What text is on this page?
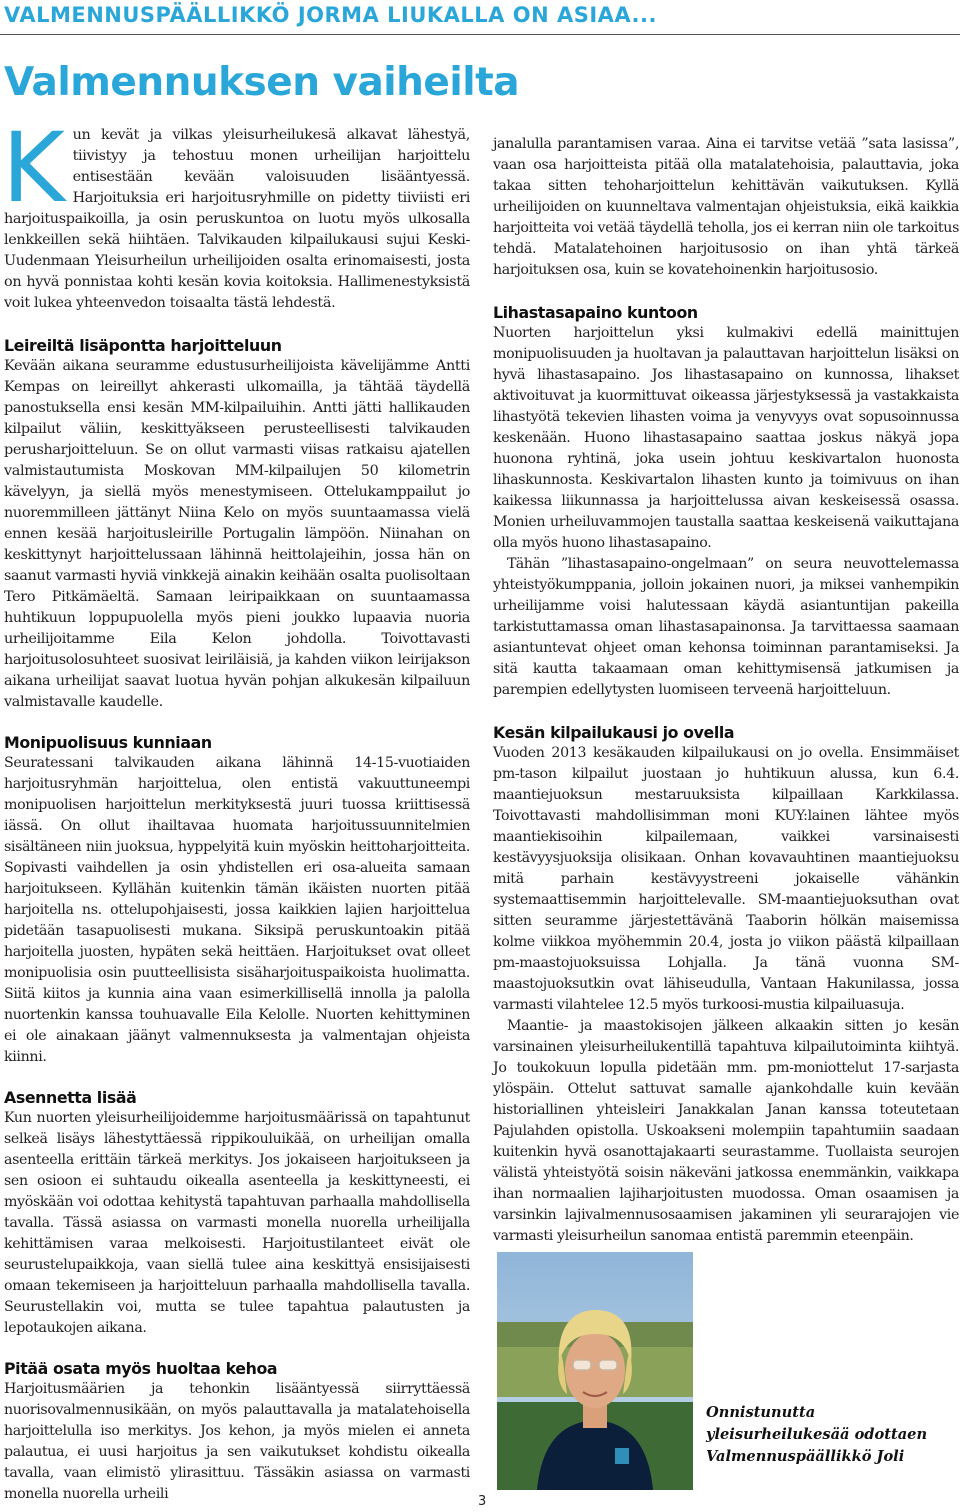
VALMENNUSPÄÄLLIKKÖ JORMA LIUKALLA ON ASIAA...
Valmennuksen vaiheilta

Kun kevät ja vilkas yleisurheilukesä alkavat lähestyä, tiivistyy ja tehostuu monen urheilijan harjoittelu entisestään kevään valoisuuden lisääntyessä. Harjoituksia eri harjoitusryhmille on pidetty tiiviisti eri harjoituspaikoilla, ja osin peruskuntoa on luotu myös ulkosalla lenkkeillen sekä hiihtäen. Talvikauden kilpailukausi sujui Keski-Uudenmaan Yleisurheilun urheilijoiden osalta erinomaisesti, josta on hyvä ponnistaa kohti kesän kovia koitoksia. Hallimenestyksistä voit lukea yhteenvedon toisaalta tästä lehdestä.

Leireiltä lisäpontta harjoitteluun

Kevään aikana seuramme edustusurheilijoista kävelijämme Antti Kempas on leireillyt ahkerasti ulkomailla, ja tähtää täydellä panostuksella ensi kesän MM-kilpailuihin. Antti jätti hallikauden kilpailut väliin, keskittyäkseen perusteellisesti talvikauden perusharjoitteluun. Se on ollut varmasti viisas ratkaisu ajatellen valmistautumista Moskovan MM-kilpailujen 50 kilometrin kävelyyn, ja siellä myös menestymiseen. Ottelukamppailut jo nuoremmilleen jättänyt Niina Kelo on myös suuntaamassa vielä ennen kesää harjoitusleirille Portugalin lämpöön. Niinahan on keskittynyt harjoittelussaan lähinnä heittolajeihin, jossa hän on saanut varmasti hyviä vinkkejä ainakin keihään osalta puolisoltaan Tero Pitkämäeltä. Samaan leiripaikkaan on suuntaamassa huhtikuun loppupuolella myös pieni joukko lupaavia nuoria urheilijoitamme Eila Kelon johdolla. Toivottavasti harjoitusolosuhteet suosivat leiriläisiä, ja kahden viikon leirijakson aikana urheilijat saavat luotua hyvän pohjan alkukesän kilpailuun valmistavalle kaudelle.

Monipuolisuus kunniaan

Seuratessani talvikauden aikana lähinnä 14-15-vuotiaiden harjoitusryhmän harjoittelua, olen entistä vakuuttuneempi monipuolisen harjoittelun merkityksestä juuri tuossa kriittisessä iässä. On ollut ihailtavaa huomata harjoitussuunnitelmien sisältäneen niin juoksua, hyppelyitä kuin myöskin heittoharjoitteita. Sopivasti vaihdellen ja osin yhdistellen eri osa-alueita samaan harjoitukseen. Kyllähän kuitenkin tämän ikäisten nuorten pitää harjoitella ns. ottelupohjaisesti, jossa kaikkien lajien harjoittelua pidetään tasapuolisesti mukana. Siksipä peruskuntoakin pitää harjoitella juosten, hypäten sekä heittäen. Harjoitukset ovat olleet monipuolisia osin puutteellisista sisäharjoituspaikoista huolimatta. Siitä kiitos ja kunnia aina vaan esimerkillisellä innolla ja palolla nuortenkin kanssa touhuavalle Eila Kelolle. Nuorten kehittyminen ei ole ainakaan jäänyt valmennuksesta ja valmentajan ohjeista kiinni.

Asennetta lisää

Kun nuorten yleisurheilijoidemme harjoitusmäärissä on tapahtunut selkeä lisäys lähestyttäessä rippikouluikää, on urheilijan omalla asenteella erittäin tärkeä merkitys. Jos jokaiseen harjoitukseen ja sen osioon ei suhtaudu oikealla asenteella ja keskittyneesti, ei myöskään voi odottaa kehitystä tapahtuvan parhaalla mahdollisella tavalla. Tässä asiassa on varmasti monella nuorella urheilijalla kehittämisen varaa melkoisesti. Harjoitustilanteet eivät ole seurustelupaikkoja, vaan siellä tulee aina keskittyä ensisijaisesti omaan tekemiseen ja harjoitteluun parhaalla mahdollisella tavalla. Seurustellakin voi, mutta se tulee tapahtua palautusten ja lepotaukojen aikana.

Pitää osata myös huoltaa kehoa

Harjoitusmäärien ja tehonkin lisääntyessä siirryttäessä nuorisovalmennusikään, on myös palauttavalla ja matalatehoisella harjoittelulla iso merkitys. Jos kehon, ja myös mielen ei anneta palautua, ei uusi harjoitus ja sen vaikutukset kohdistu oikealla tavalla, vaan elimistö ylirasittuu. Tässäkin asiassa on varmasti monella nuorella urheili

janalulla parantamisen varaa. Aina ei tarvitse vetää ”sata lasissa”, vaan osa harjoitteista pitää olla matalatehoisia, palauttavia, joka takaa sitten tehoharjoittelun kehittävän vaikutuksen. Kyllä urheilijoiden on kuunneltava valmentajan ohjeistuksia, eikä kaikkia harjoitteita voi vetää täydellä teholla, jos ei kerran niin ole tarkoitus tehdä. Matalatehoinen harjoitusosio on ihan yhtä tärkeä harjoituksen osa, kuin se kovatehoinenkin harjoitusosio.

Lihastasapaino kuntoon

Nuorten harjoittelun yksi kulmakivi edellä mainittujen monipuolisuuden ja huoltavan ja palauttavan harjoittelun lisäksi on hyvä lihastasapaino. Jos lihastasapaino on kunnossa, lihakset aktivoituvat ja kuormittuvat oikeassa järjestyksessä ja vastakkaista lihastyötä tekevien lihasten voima ja venyvyys ovat sopusoinnussa keskenään. Huono lihastasapaino saattaa joskus näkyä jopa huonona ryhtinä, joka usein johtuu keskivartalon huonosta lihaskunnosta. Keskivartalon lihasten kunto ja toimivuus on ihan kaikessa liikunnassa ja harjoittelussa aivan keskeisessä osassa. Monien urheiluvammojen taustalla saattaa keskeisenä vaikuttajana olla myös huono lihastasapaino.

Tähän ”lihastasapaino-ongelmaan” on seura neuvottelemassa yhteistyökumppania, jolloin jokainen nuori, ja miksei vanhempikin urheilijamme voisi halutessaan käydä asiantuntijan pakeilla tarkistuttamassa oman lihastasapainonsa. Ja tarvittaessa saamaan asiantuntevat ohjeet oman kehonsa toiminnan parantamiseksi. Ja sitä kautta takaamaan oman kehittymisensä jatkumisen ja parempien edellytysten luomiseen terveenä harjoitteluun.

Kesän kilpailukausi jo ovella

Vuoden 2013 kesäkauden kilpailukausi on jo ovella. Ensimmäiset pm-tason kilpailut juostaan jo huhtikuun alussa, kun 6.4. maantiejuoksun mestaruuksista kilpaillaan Karkkilassa. Toivottavasti mahdollisimman moni KUY:lainen lähtee myös maantiekisoihin kilpailemaan, vaikkei varsinaisesti kestävyysjuoksija olisikaan. Onhan kovavauhtinen maantiejuoksu mitä parhain kestävyystreeni jokaiselle vähänkin systemaattisemmin harjoittelevalle. SM-maantiejuoksuthan ovat sitten seuramme järjestettävänä Taaborin hölkän maisemissa kolme viikkoa myöhemmin 20.4, josta jo viikon päästä kilpaillaan pm-maastojuoksuissa Lohjalla. Ja tänä vuonna SM-maastojuoksutkin ovat lähiseudulla, Vantaan Hakunilassa, jossa varmasti vilahtelee 12.5 myös turkoosi-mustia kilpailuasuja.

Maantie- ja maastokisojen jälkeen alkaakin sitten jo kesän varsinainen yleisurheilukentillä tapahtuva kilpailutoiminta kiihtyä. Jo toukokuun lopulla pidetään mm. pm-moniottelut 17-sarjasta ylöspäin. Ottelut sattuvat samalle ajankohdalle kuin kevään historiallinen yhteisleiri Janakkalan Janan kanssa toteutetaan Pajulahden opistolla. Uskoakseni molempiin tapahtumiin saadaan kuitenkin hyvä osanottajakaarti seurastamme. Tuollaista seurojen välistä yhteistyötä soisin näkeväni jatkossa enemmänkin, vaikkapa ihan normaalien lajiharjoitusten muodossa. Oman osaamisen ja varsinkin lajivalmennusosaamisen jakaminen yli seurarajojen vie varmasti yleisurheilun sanomaa entistä paremmin eteenpäin.

Onnistunutta yleisurheilukesää odottaen Valmennuspäällikkö Joli
3
